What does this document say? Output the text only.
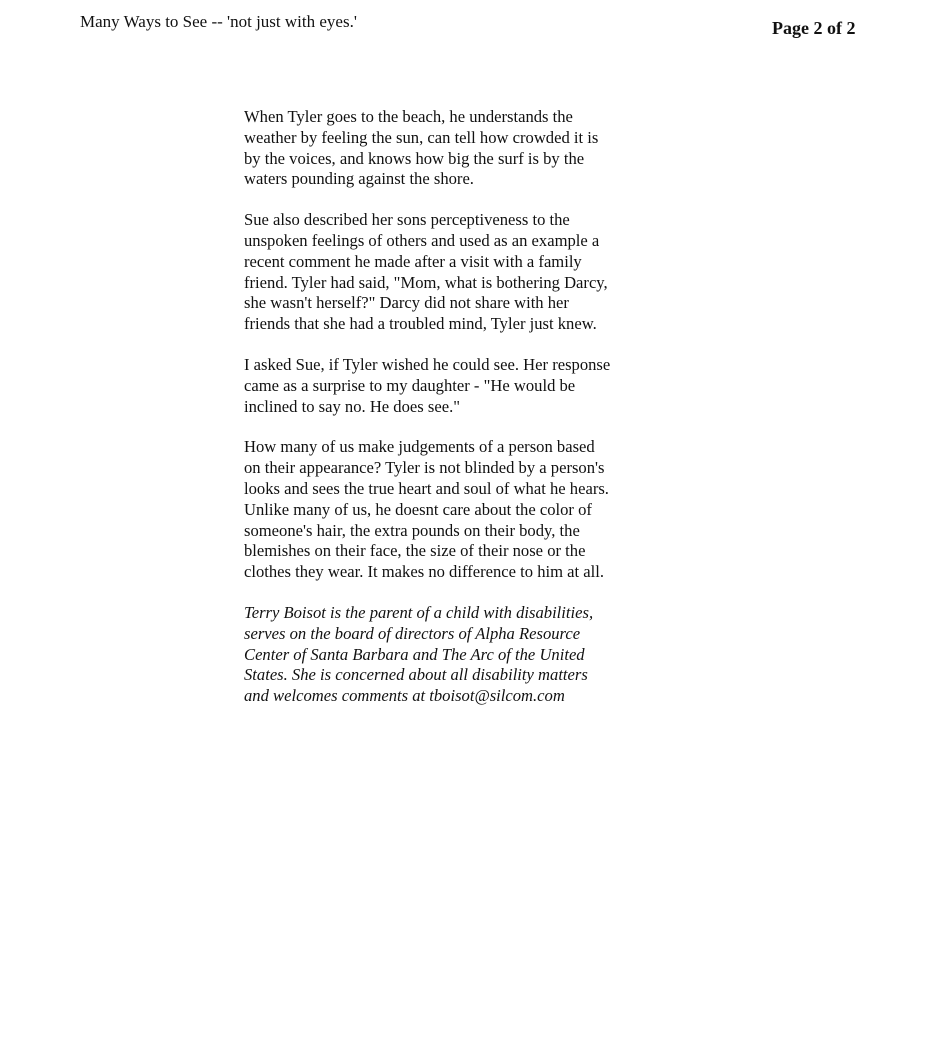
Many Ways to See -- 'not just with eyes.'	Page 2 of 2

When Tyler goes to the beach, he understands the
weather by feeling the sun, can tell how crowded it is
by the voices, and knows how big the surf is by the
waters pounding against the shore.

Sue also described her sons perceptiveness to the
unspoken feelings of others and used as an example a
recent comment he made after a visit with a family
friend. Tyler had said, "Mom, what is bothering Darcy,
she wasn't herself?" Darcy did not share with her
friends that she had a troubled mind, Tyler just knew.

I asked Sue, if Tyler wished he could see. Her response
came as a surprise to my daughter - "He would be
inclined to say no. He does see."

How many of us make judgements of a person based
on their appearance? Tyler is not blinded by a person's
looks and sees the true heart and soul of what he hears.
Unlike many of us, he doesnt care about the color of
someone's hair, the extra pounds on their body, the
blemishes on their face, the size of their nose or the
clothes they wear. It makes no difference to him at all.

Terry Boisot is the parent of a child with disabilities,
serves on the board of directors of Alpha Resource
Center of Santa Barbara and The Arc of the United
States. She is concerned about all disability matters
and welcomes comments at tboisot@silcom.com
